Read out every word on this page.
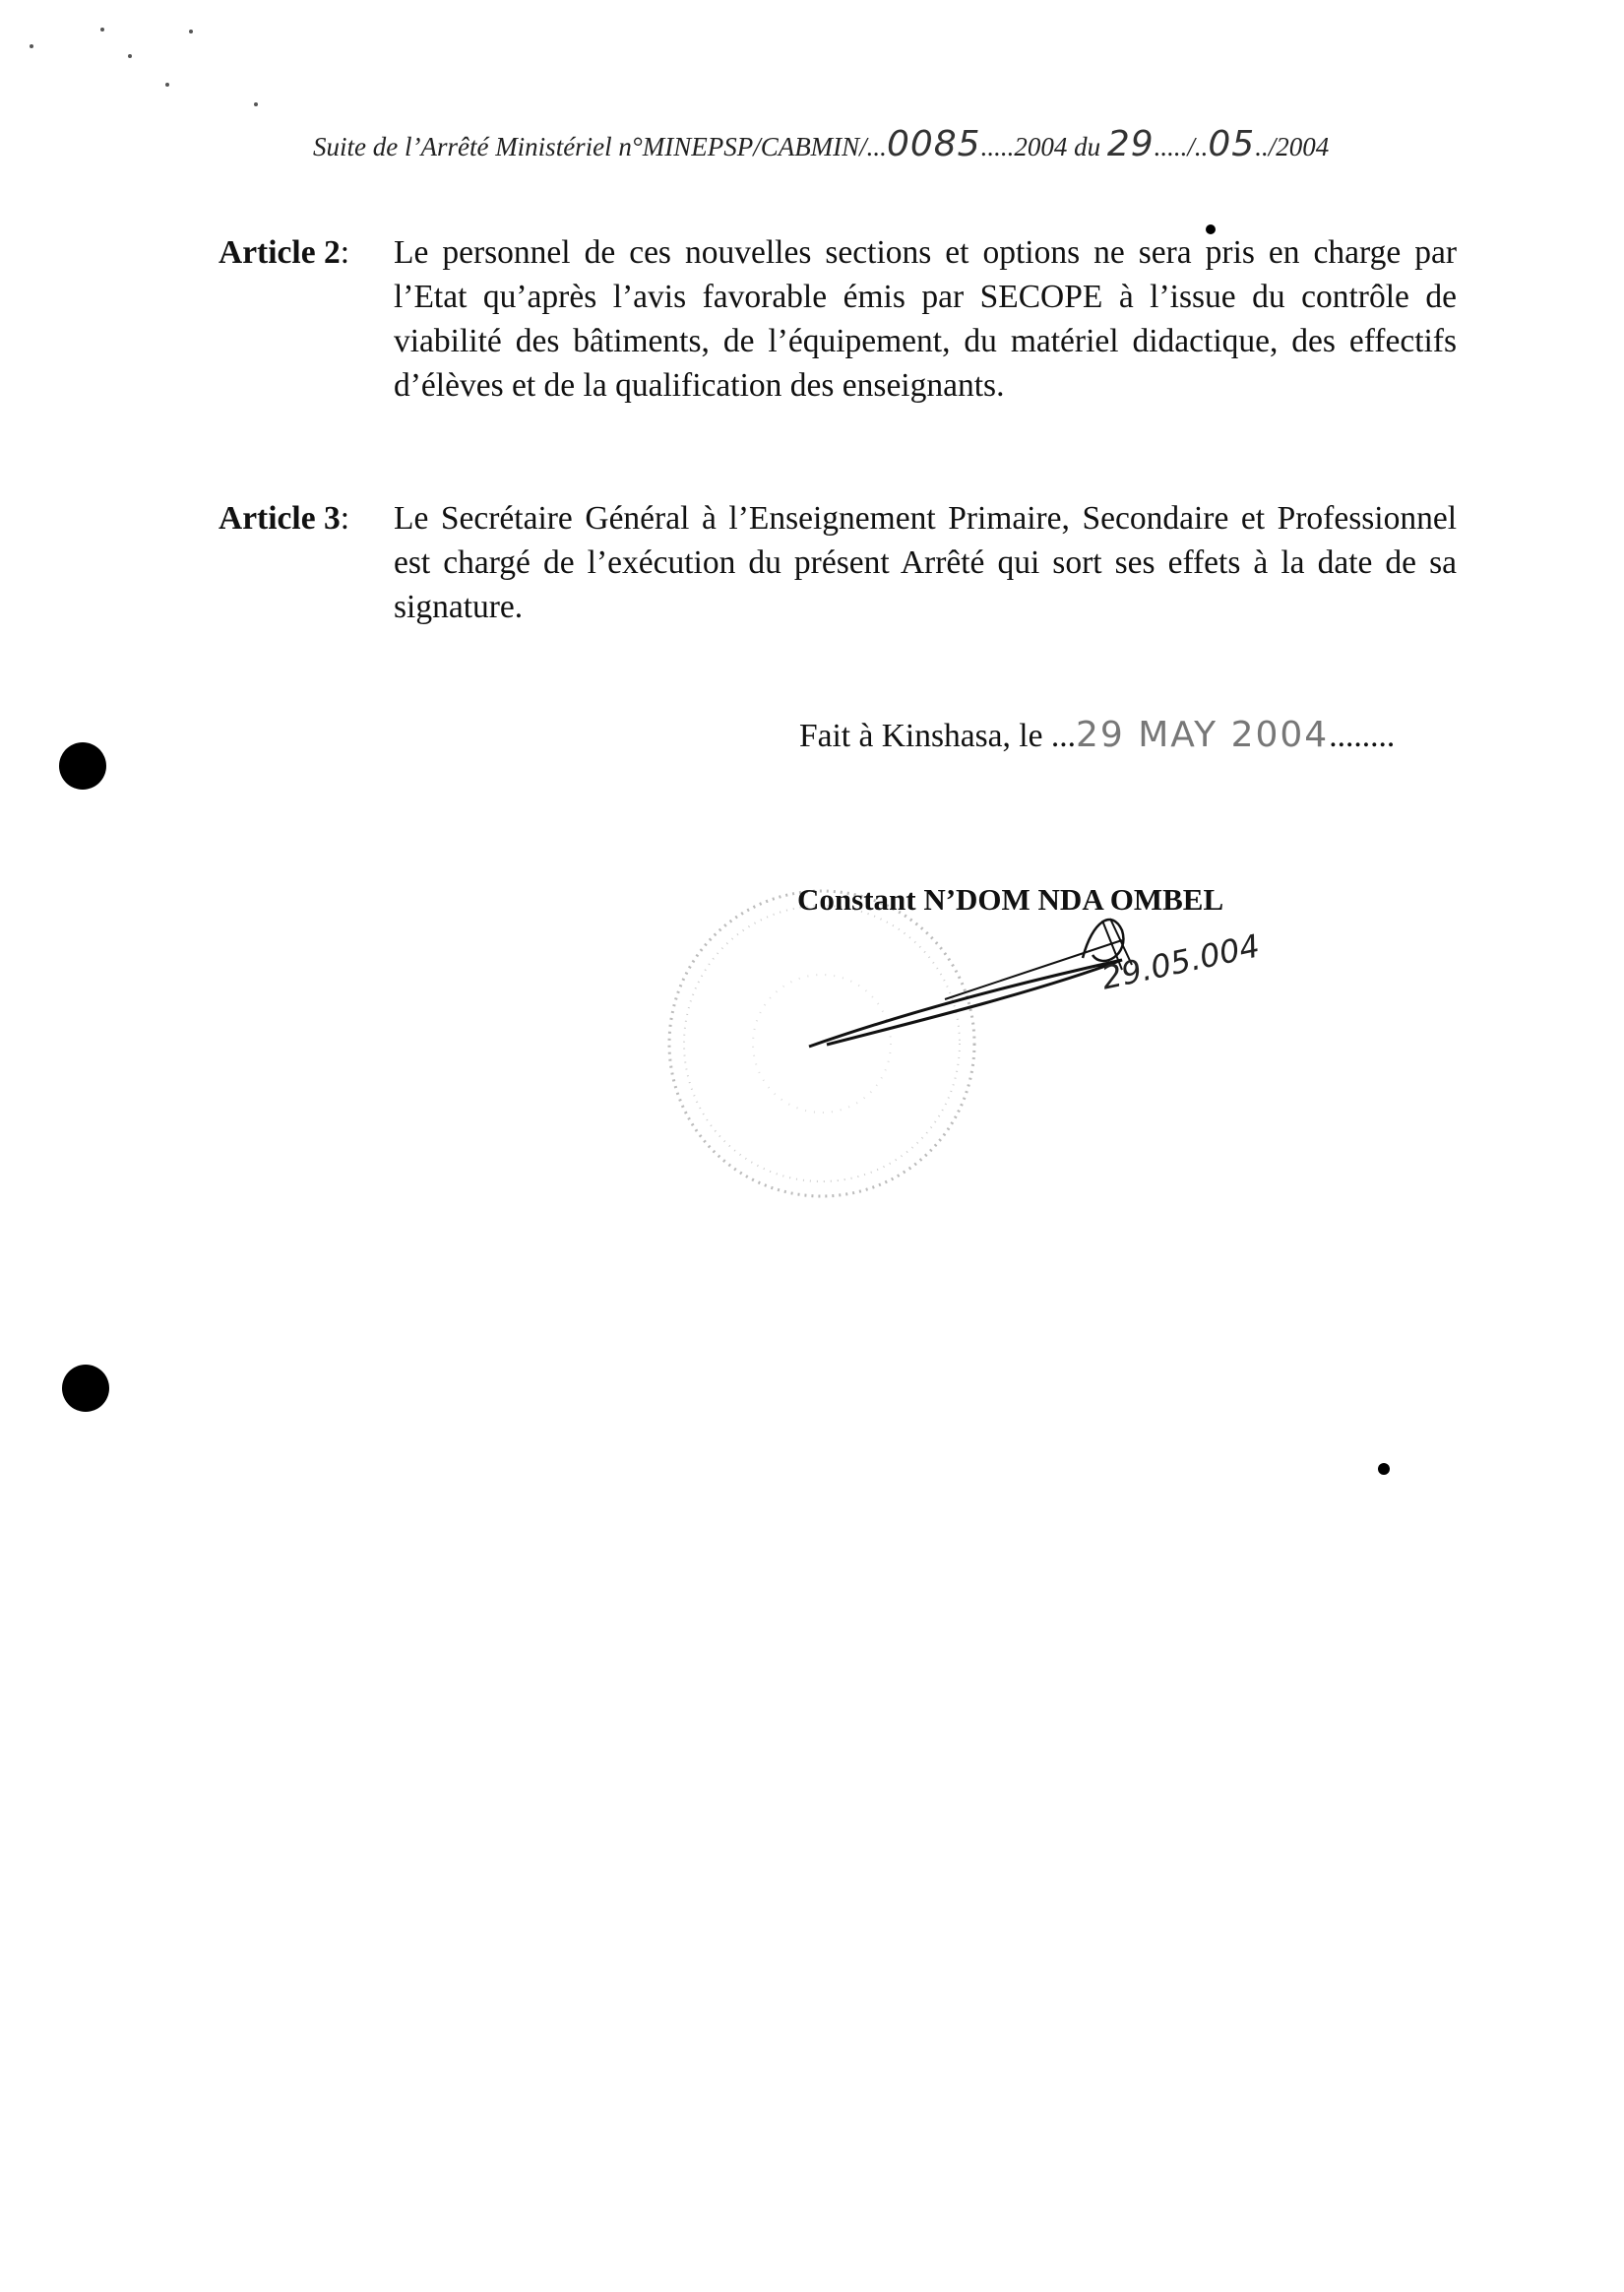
Suite de l’Arrêté Ministériel n°MINEPSP/CABMIN/...0085.....2004 du 29...../..05../2004
Article 2:	Le personnel de ces nouvelles sections et options ne sera pris en charge par l’Etat qu’après l’avis favorable émis par SECOPE à l’issue du contrôle de viabilité des bâtiments, de l’équipement, du matériel didactique, des effectifs d’élèves et de la qualification des enseignants.
Article 3:	Le Secrétaire Général à l’Enseignement Primaire, Secondaire et Professionnel est chargé de l’exécution du présent Arrêté qui sort ses effets à la date de sa signature.
Fait à Kinshasa, le ...29 MAY 2004........
Constant N’DOM NDA OMBEL
29.05.004
